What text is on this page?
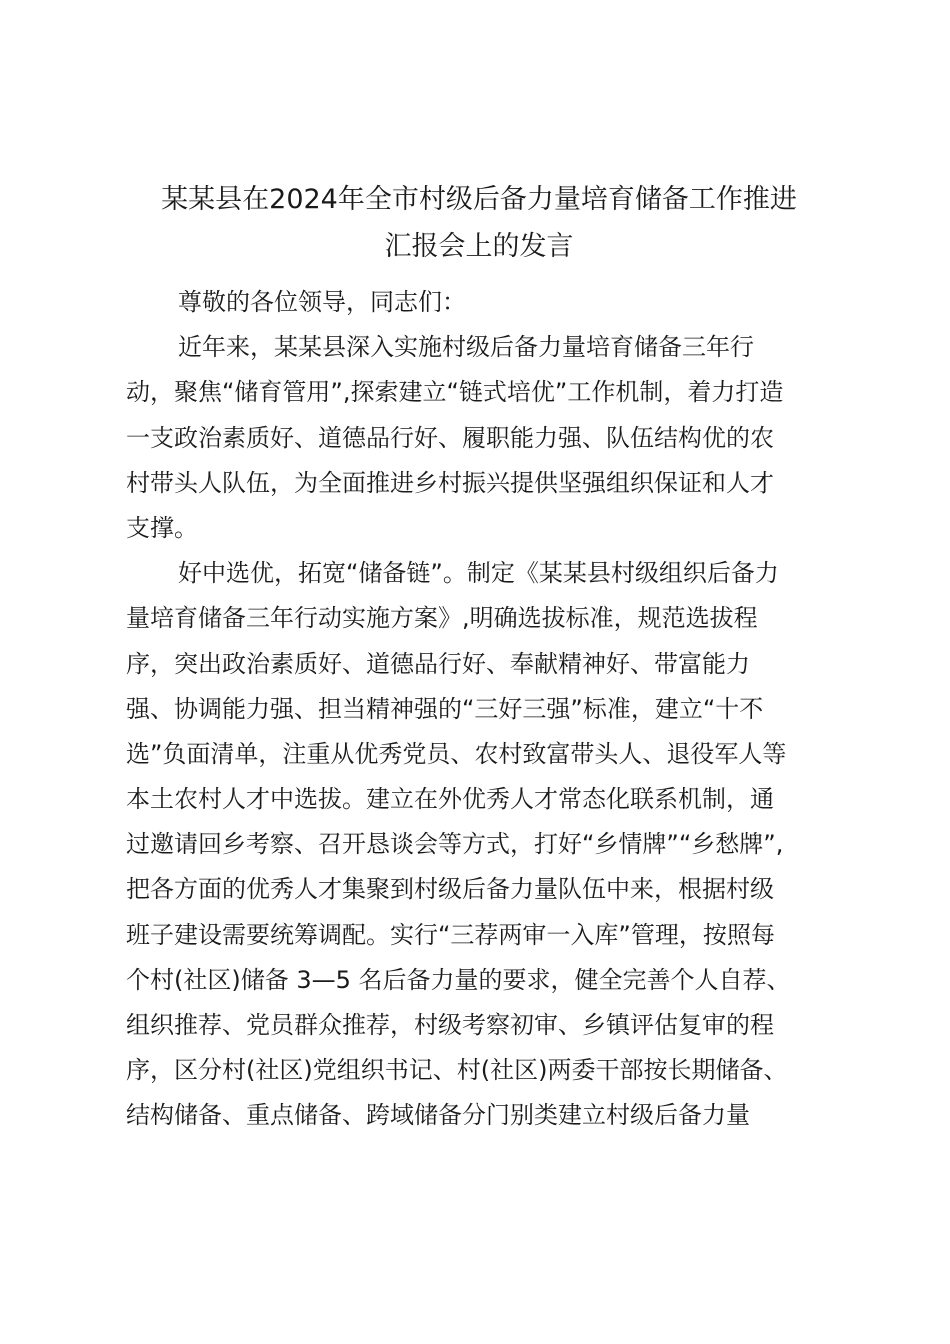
某某县在2024年全市村级后备力量培育储备工作推进
汇报会上的发言
尊敬的各位领导，同志们：
近年来，某某县深入实施村级后备力量培育储备三年行
动，聚焦“储育管用”,探索建立“链式培优”工作机制，着力打造
一支政治素质好、道德品行好、履职能力强、队伍结构优的农
村带头人队伍，为全面推进乡村振兴提供坚强组织保证和人才
支撑。
好中选优，拓宽“储备链”。制定《某某县村级组织后备力
量培育储备三年行动实施方案》,明确选拔标准，规范选拔程
序，突出政治素质好、道德品行好、奉献精神好、带富能力
强、协调能力强、担当精神强的“三好三强”标准，建立“十不
选”负面清单，注重从优秀党员、农村致富带头人、退役军人等
本土农村人才中选拔。建立在外优秀人才常态化联系机制，通
过邀请回乡考察、召开恳谈会等方式，打好“乡情牌”“乡愁牌”,
把各方面的优秀人才集聚到村级后备力量队伍中来，根据村级
班子建设需要统筹调配。实行“三荐两审一入库”管理，按照每
个村(社区)储备 3—5 名后备力量的要求，健全完善个人自荐、
组织推荐、党员群众推荐，村级考察初审、乡镇评估复审的程
序，区分村(社区)党组织书记、村(社区)两委干部按长期储备、
结构储备、重点储备、跨域储备分门别类建立村级后备力量
